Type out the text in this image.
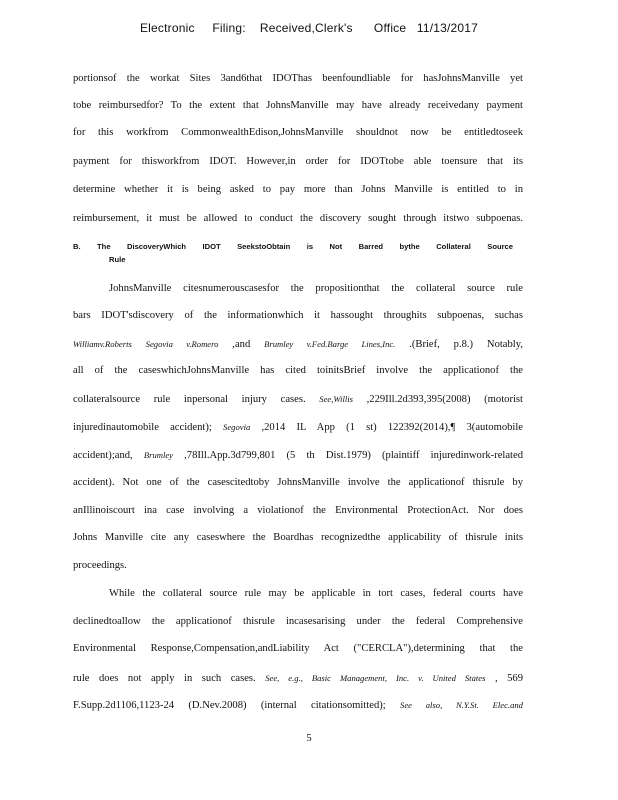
Electronic     Filing:    Received,Clerk's      Office   11/13/2017
portionsof the workat Sites 3and6that IDOThas beenfoundliable for hasJohnsManville yet
tobe reimbursedfor? To the extent that JohnsManville may have already receivedany payment
for this workfrom CommonwealthEdison,JohnsManville shouldnot now be entitledtoseek
payment for thisworkfrom IDOT. However,in order for IDOTtobe able toensure that its
determine whether it is being asked to pay more than Johns Manville is entitled to in
reimbursement, it must be allowed to conduct the discovery sought through itstwo subpoenas.
B. The DiscoveryWhich IDOT SeekstoObtain is Not Barred bythe Collateral Source
Rule
JohnsManville citesnumerouscasesfor the propositionthat the collateral source rule
bars IDOT'sdiscovery of the informationwhich it hassought throughits subpoenas, suchas
Williamv.Roberts Segovia v.Romero ,and Brumley v.Fed.Barge Lines,Inc. .(Brief, p.8.) Notably,
all of the caseswhichJohnsManville has cited toinitsBrief involve the applicationof the
collateralsource rule inpersonal injury cases. See,Willis ,229Ill.2d393,395(2008) (motorist
injuredinautomobile accident); Segovia ,2014 IL App (1 st) 122392(2014),¶ 3(automobile
accident);and, Brumley ,78Ill.App.3d799,801 (5 th Dist.1979) (plaintiff injuredinwork-related
accident). Not one of the casescitedtoby JohnsManville involve the applicationof thisrule by
anIllinoiscourt ina case involving a violationof the Environmental ProtectionAct. Nor does
Johns Manville cite any caseswhere the Boardhas recognizedthe applicability of thisrule inits
proceedings.
While the collateral source rule may be applicable in tort cases, federal courts have
declinedtoallow the applicationof thisrule incasesarising under the federal Comprehensive
Environmental Response,Compensation,andLiability Act ("CERCLA"),determining that the
rule does not apply in such cases. See, e.g., Basic Management, Inc. v. United States , 569
F.Supp.2d1106,1123-24 (D.Nev.2008) (internal citationsomitted); See also, N.Y.St. Elec.and
5
